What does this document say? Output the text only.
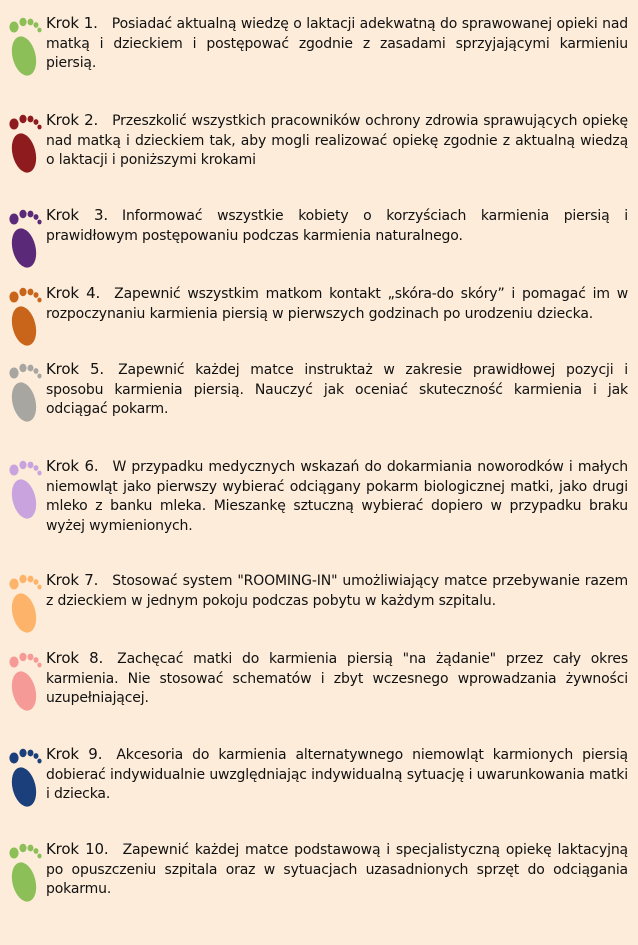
Krok 1. Posiadać aktualną wiedzę o laktacji adekwatną do sprawowanej opieki nad matką i dzieckiem i postępować zgodnie z zasadami sprzyjającymi karmieniu piersią.
Krok 2. Przeszkolić wszystkich pracowników ochrony zdrowia sprawujących opiekę nad matką i dzieckiem tak, aby mogli realizować opiekę zgodnie z aktualną wiedzą o laktacji i poniższymi krokami
Krok 3. Informować wszystkie kobiety o korzyściach karmienia piersią i prawidłowym postępowaniu podczas karmienia naturalnego.
Krok 4. Zapewnić wszystkim matkom kontakt „skóra-do skóry” i pomagać im w rozpoczynaniu karmienia piersią w pierwszych godzinach po urodzeniu dziecka.
Krok 5. Zapewnić każdej matce instruktaż w zakresie prawidłowej pozycji i sposobu karmienia piersią. Nauczyć jak oceniać skuteczność karmienia i jak odciągać pokarm.
Krok 6. W przypadku medycznych wskazań do dokarmiania noworodków i małych niemowląt jako pierwszy wybierać odciągany pokarm biologicznej matki, jako drugi mleko z banku mleka. Mieszankę sztuczną wybierać dopiero w przypadku braku wyżej wymienionych.
Krok 7. Stosować system "ROOMING-IN" umożliwiający matce przebywanie razem z dzieckiem w jednym pokoju podczas pobytu w każdym szpitalu.
Krok 8. Zachęcać matki do karmienia piersią "na żądanie" przez cały okres karmienia. Nie stosować schematów i zbyt wczesnego wprowadzania żywności uzupełniającej.
Krok 9. Akcesoria do karmienia alternatywnego niemowląt karmionych piersią dobierać indywidualnie uwzględniając indywidualną sytuację i uwarunkowania matki i dziecka.
Krok 10. Zapewnić każdej matce podstawową i specjalistyczną opiekę laktacyjną po opuszczeniu szpitala oraz w sytuacjach uzasadnionych sprzęt do odciągania pokarmu.
